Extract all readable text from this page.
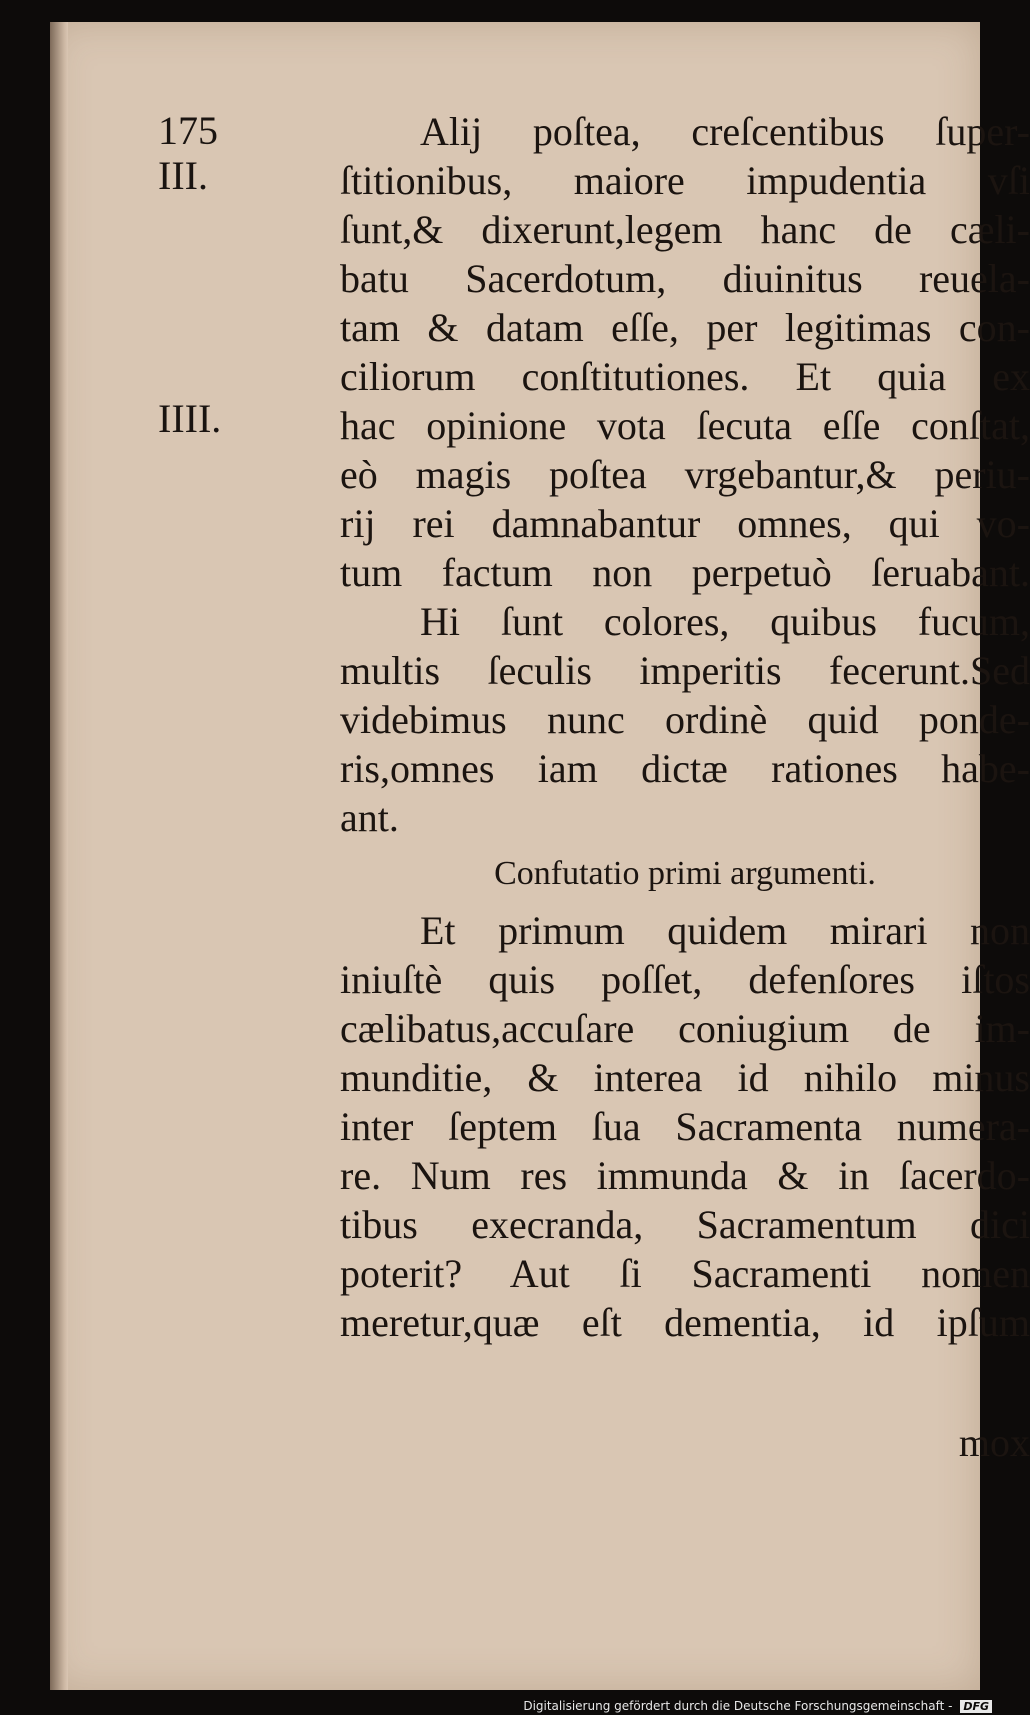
175
III.
IIII.
Alij poſtea, creſcentibus ſuper-
ſtitionibus, maiore impudentia vſi
ſunt,& dixerunt,legem hanc de cæli-
batu Sacerdotum, diuinitus reuela-
tam & datam eſſe, per legitimas con-
ciliorum conſtitutiones. Et quia ex
hac opinione vota ſecuta eſſe conſtat,
eò magis poſtea vrgebantur,& periu-
rij rei damnabantur omnes, qui vo-
tum factum non perpetuò ſeruabant.
Hi ſunt colores, quibus fucum,
multis ſeculis imperitis fecerunt.Sed
videbimus nunc ordinè quid ponde-
ris,omnes iam dictæ rationes habe-
ant.
Confutatio primi argumenti.
Et primum quidem mirari non
iniuſtè quis poſſet, defenſores iſtos
cælibatus,accuſare coniugium de im-
munditie, & interea id nihilo minus
inter ſeptem ſua Sacramenta numera-
re. Num res immunda & in ſacerdo-
tibus execranda, Sacramentum dici
poterit? Aut ſi Sacramenti nomen
meretur,quæ eſt dementia, id ipſum
mox
Digitalisierung gefördert durch die Deutsche Forschungsgemeinschaft - DFG
